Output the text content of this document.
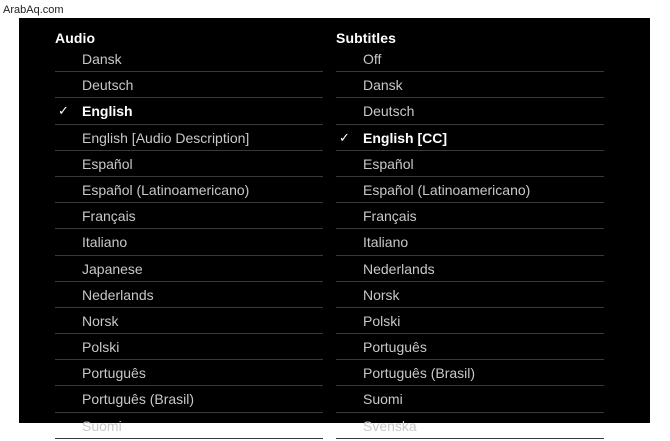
ArabAq.com
Audio
Dansk
Deutsch
✓ English
English [Audio Description]
Español
Español (Latinoamericano)
Français
Italiano
Japanese
Nederlands
Norsk
Polski
Português
Português (Brasil)
Suomi
Subtitles
Off
Dansk
Deutsch
✓ English [CC]
Español
Español (Latinoamericano)
Français
Italiano
Nederlands
Norsk
Polski
Português
Português (Brasil)
Suomi
Svenska
